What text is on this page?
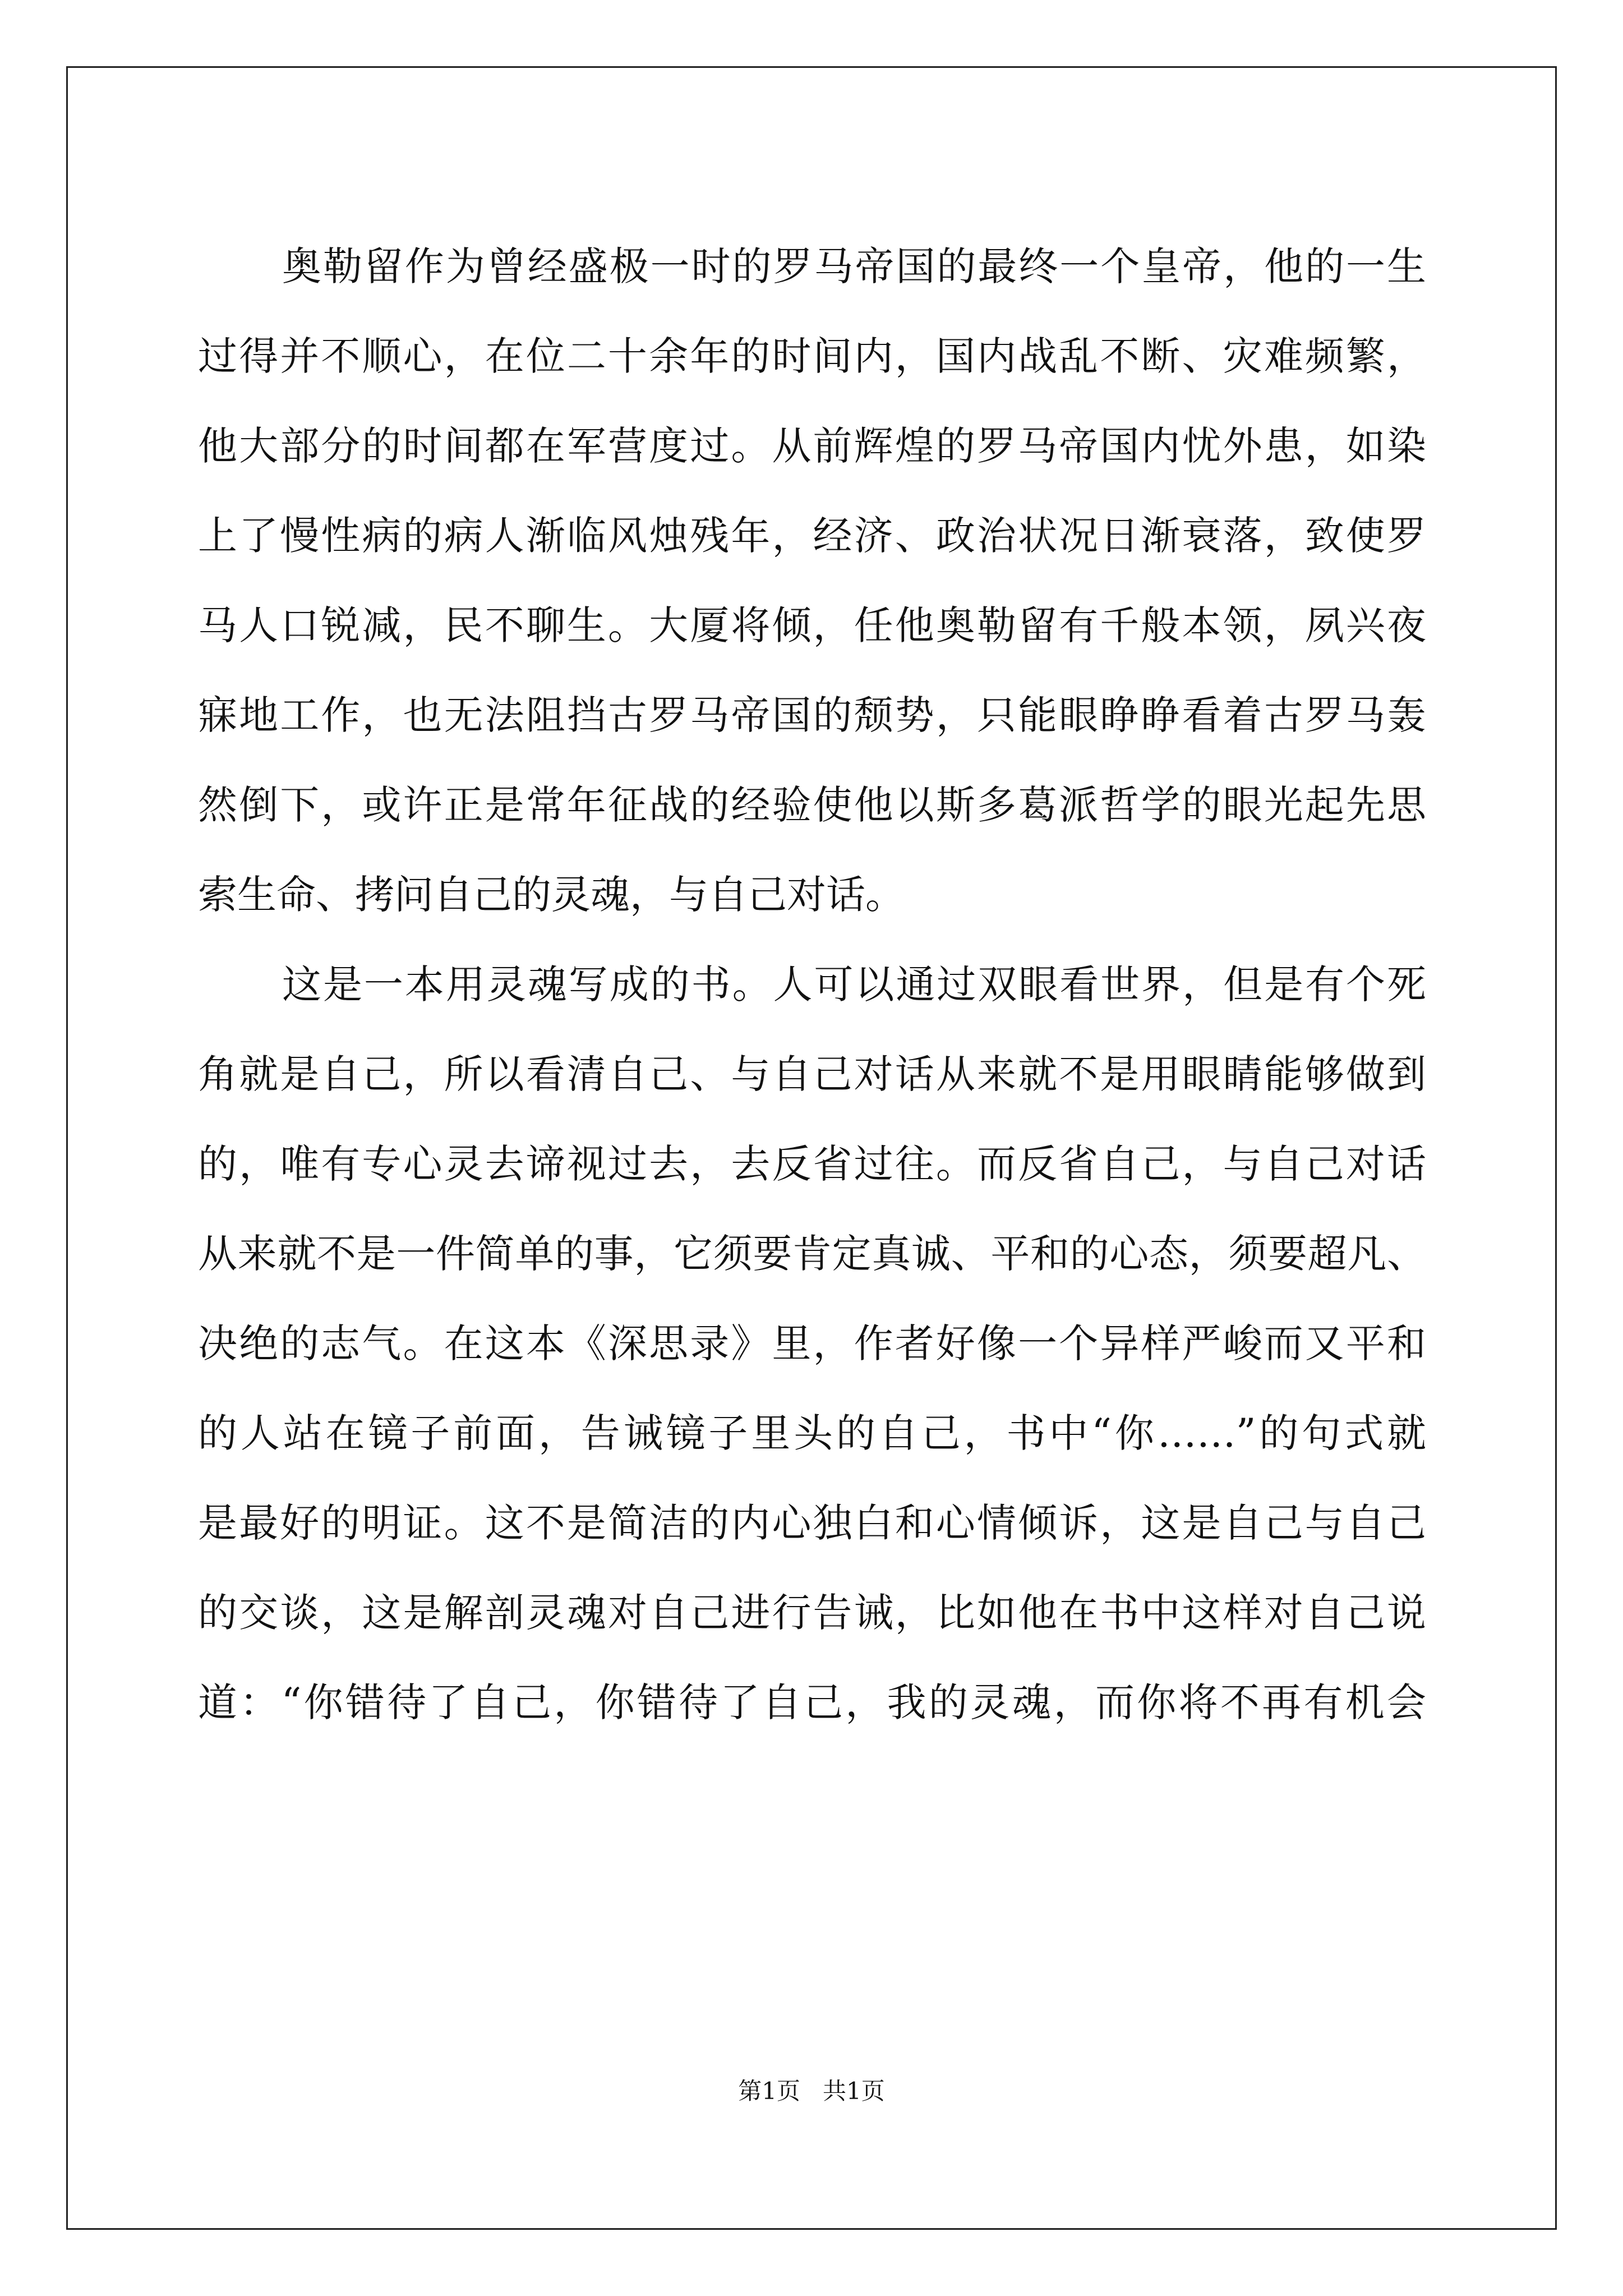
奥勒留作为曾经盛极一时的罗马帝国的最终一个皇帝，他的一生
过得并不顺心，在位二十余年的时间内，国内战乱不断、灾难频繁，
他大部分的时间都在军营度过。从前辉煌的罗马帝国内忧外患，如染
上了慢性病的病人渐临风烛残年，经济、政治状况日渐衰落，致使罗
马人口锐减，民不聊生。大厦将倾，任他奥勒留有千般本领，夙兴夜
寐地工作，也无法阻挡古罗马帝国的颓势，只能眼睁睁看着古罗马轰
然倒下，或许正是常年征战的经验使他以斯多葛派哲学的眼光起先思
索生命、拷问自己的灵魂，与自己对话。
这是一本用灵魂写成的书。人可以通过双眼看世界，但是有个死
角就是自己，所以看清自己、与自己对话从来就不是用眼睛能够做到
的，唯有专心灵去谛视过去，去反省过往。而反省自己，与自己对话
从来就不是一件简单的事，它须要肯定真诚、平和的心态，须要超凡、
决绝的志气。在这本《深思录》里，作者好像一个异样严峻而又平和
的人站在镜子前面，告诫镜子里头的自己，书中“你……”的句式就
是最好的明证。这不是简洁的内心独白和心情倾诉，这是自己与自己
的交谈，这是解剖灵魂对自己进行告诫，比如他在书中这样对自己说
道：“你错待了自己，你错待了自己，我的灵魂，而你将不再有机会
第1页 共1页
